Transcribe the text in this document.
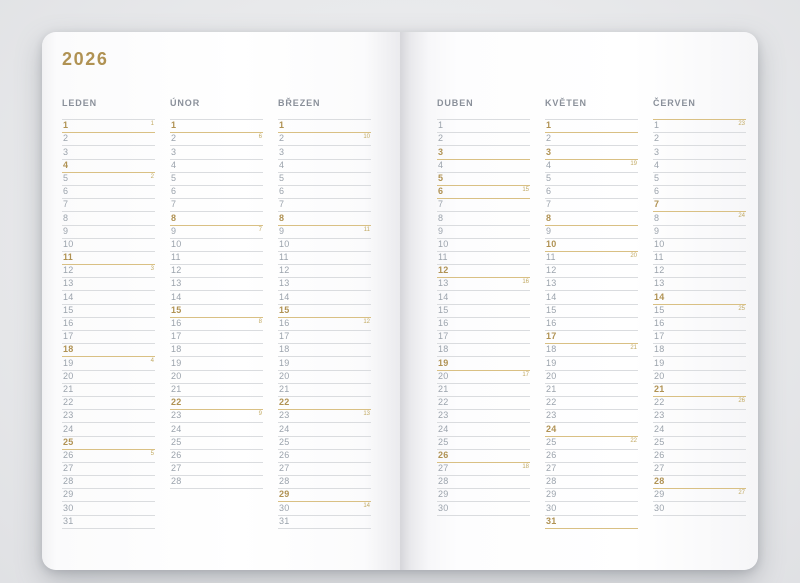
2026
LEDEN
1	1
2
3
4
5	2
6
7
8
9
10
11
12	3
13
14
15
16
17
18
19	4
20
21
22
23
24
25
26	5
27
28
29
30
31
ÚNOR
1
2	6
3
4
5
6
7
8
9	7
10
11
12
13
14
15
16	8
17
18
19
20
21
22
23	9
24
25
26
27
28
BŘEZEN
1
2	10
3
4
5
6
7
8
9	11
10
11
12
13
14
15
16	12
17
18
19
20
21
22
23	13
24
25
26
27
28
29
30	14
31
DUBEN
1
2
3
4
5
6	15
7
8
9
10
11
12
13	16
14
15
16
17
18
19
20	17
21
22
23
24
25
26
27	18
28
29
30
KVĚTEN
1
2
3
4	19
5
6
7
8
9
10
11	20
12
13
14
15
16
17
18	21
19
20
21
22
23
24
25	22
26
27
28
29
30
31
ČERVEN
1	23
2
3
4
5
6
7
8	24
9
10
11
12
13
14
15	25
16
17
18
19
20
21
22	26
23
24
25
26
27
28
29	27
30
